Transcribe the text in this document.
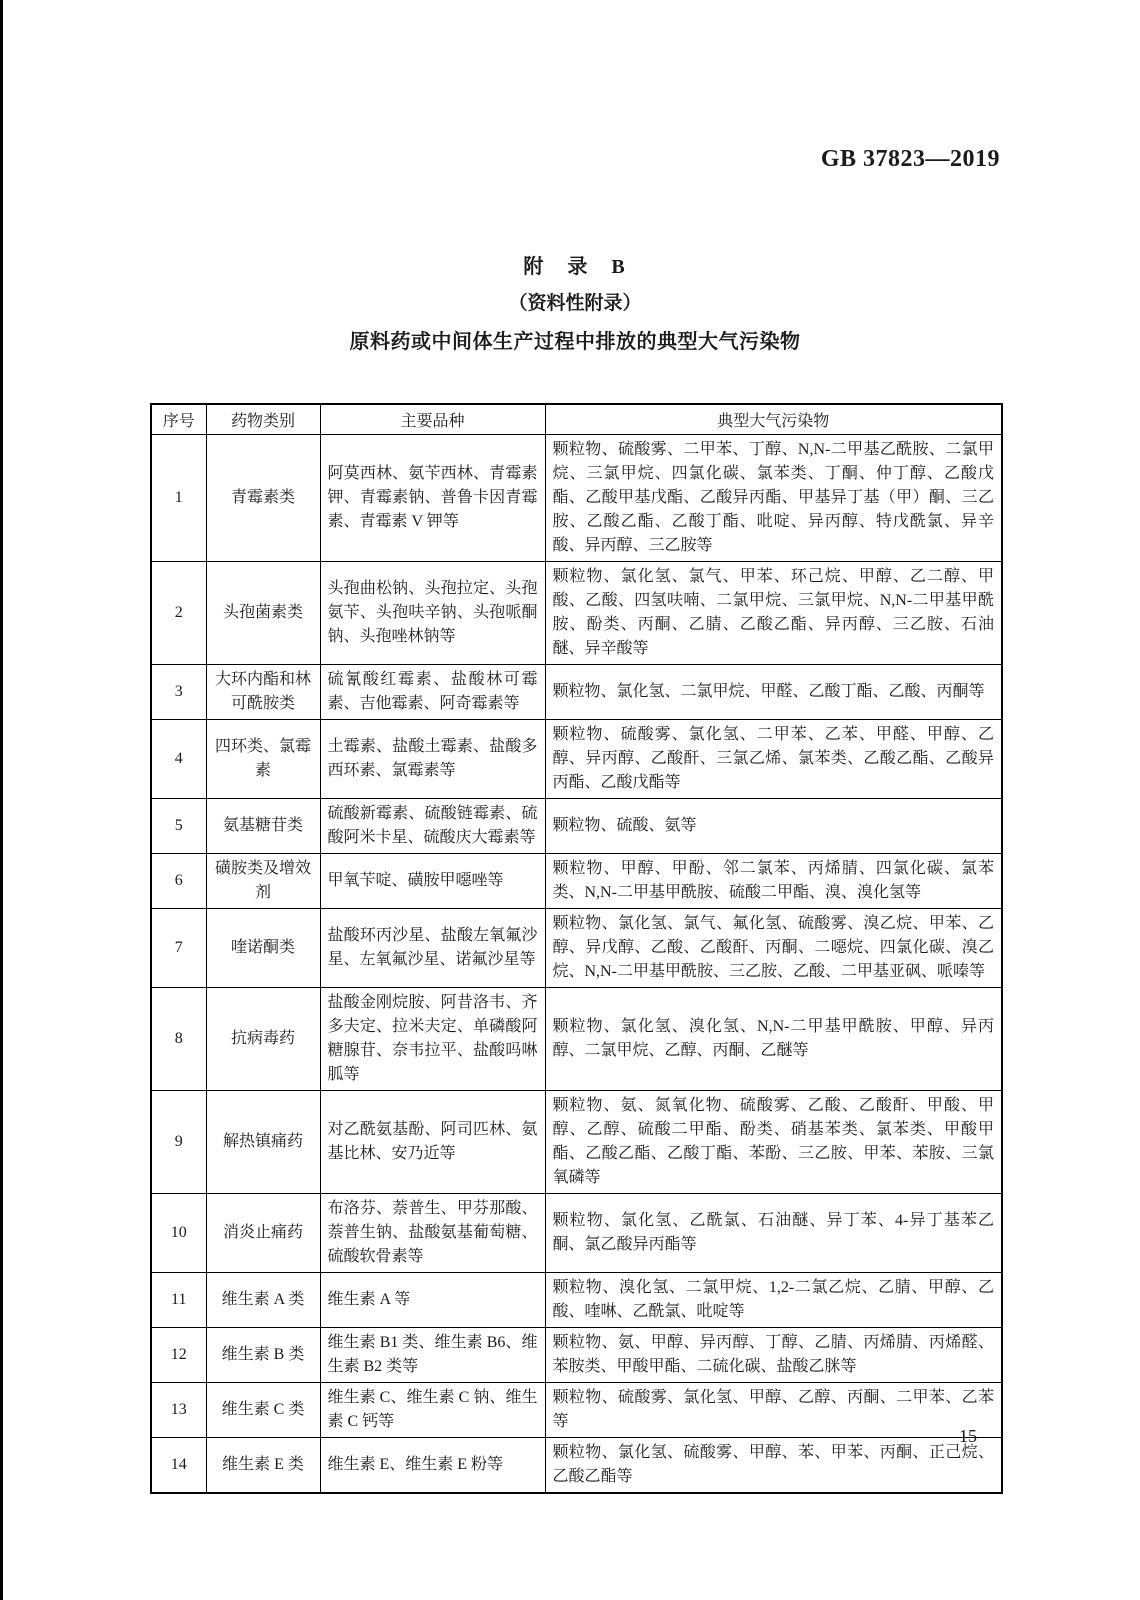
GB 37823—2019
附　录　B
（资料性附录）
原料药或中间体生产过程中排放的典型大气污染物
序号	药物类别	主要品种	典型大气污染物
1	青霉素类	阿莫西林、氨苄西林、青霉素钾、青霉素钠、普鲁卡因青霉素、青霉素 V 钾等	颗粒物、硫酸雾、二甲苯、丁醇、N,N-二甲基乙酰胺、二氯甲烷、三氯甲烷、四氯化碳、氯苯类、丁酮、仲丁醇、乙酸戊酯、乙酸甲基戊酯、乙酸异丙酯、甲基异丁基（甲）酮、三乙胺、乙酸乙酯、乙酸丁酯、吡啶、异丙醇、特戊酰氯、异辛酸、异丙醇、三乙胺等
2	头孢菌素类	头孢曲松钠、头孢拉定、头孢氨苄、头孢呋辛钠、头孢哌酮钠、头孢唑林钠等	颗粒物、氯化氢、氯气、甲苯、环己烷、甲醇、乙二醇、甲酸、乙酸、四氢呋喃、二氯甲烷、三氯甲烷、N,N-二甲基甲酰胺、酚类、丙酮、乙腈、乙酸乙酯、异丙醇、三乙胺、石油醚、异辛酸等
3	大环内酯和林可酰胺类	硫氰酸红霉素、盐酸林可霉素、吉他霉素、阿奇霉素等	颗粒物、氯化氢、二氯甲烷、甲醛、乙酸丁酯、乙酸、丙酮等
4	四环类、氯霉素	土霉素、盐酸土霉素、盐酸多西环素、氯霉素等	颗粒物、硫酸雾、氯化氢、二甲苯、乙苯、甲醛、甲醇、乙醇、异丙醇、乙酸酐、三氯乙烯、氯苯类、乙酸乙酯、乙酸异丙酯、乙酸戊酯等
5	氨基糖苷类	硫酸新霉素、硫酸链霉素、硫酸阿米卡星、硫酸庆大霉素等	颗粒物、硫酸、氨等
6	磺胺类及增效剂	甲氧苄啶、磺胺甲噁唑等	颗粒物、甲醇、甲酚、邻二氯苯、丙烯腈、四氯化碳、氯苯类、N,N-二甲基甲酰胺、硫酸二甲酯、溴、溴化氢等
7	喹诺酮类	盐酸环丙沙星、盐酸左氧氟沙星、左氧氟沙星、诺氟沙星等	颗粒物、氯化氢、氯气、氟化氢、硫酸雾、溴乙烷、甲苯、乙醇、异戊醇、乙酸、乙酸酐、丙酮、二噁烷、四氯化碳、溴乙烷、N,N-二甲基甲酰胺、三乙胺、乙酸、二甲基亚砜、哌嗪等
8	抗病毒药	盐酸金刚烷胺、阿昔洛韦、齐多夫定、拉米夫定、单磷酸阿糖腺苷、奈韦拉平、盐酸吗啉胍等	颗粒物、氯化氢、溴化氢、N,N-二甲基甲酰胺、甲醇、异丙醇、二氯甲烷、乙醇、丙酮、乙醚等
9	解热镇痛药	对乙酰氨基酚、阿司匹林、氨基比林、安乃近等	颗粒物、氨、氮氧化物、硫酸雾、乙酸、乙酸酐、甲酸、甲醇、乙醇、硫酸二甲酯、酚类、硝基苯类、氯苯类、甲酸甲酯、乙酸乙酯、乙酸丁酯、苯酚、三乙胺、甲苯、苯胺、三氯氧磷等
10	消炎止痛药	布洛芬、萘普生、甲芬那酸、萘普生钠、盐酸氨基葡萄糖、硫酸软骨素等	颗粒物、氯化氢、乙酰氯、石油醚、异丁苯、4-异丁基苯乙酮、氯乙酸异丙酯等
11	维生素 A 类	维生素 A 等	颗粒物、溴化氢、二氯甲烷、1,2-二氯乙烷、乙腈、甲醇、乙酸、喹啉、乙酰氯、吡啶等
12	维生素 B 类	维生素 B1 类、维生素 B6、维生素 B2 类等	颗粒物、氨、甲醇、异丙醇、丁醇、乙腈、丙烯腈、丙烯醛、苯胺类、甲酸甲酯、二硫化碳、盐酸乙脒等
13	维生素 C 类	维生素 C、维生素 C 钠、维生素 C 钙等	颗粒物、硫酸雾、氯化氢、甲醇、乙醇、丙酮、二甲苯、乙苯等
14	维生素 E 类	维生素 E、维生素 E 粉等	颗粒物、氯化氢、硫酸雾、甲醇、苯、甲苯、丙酮、正己烷、乙酸乙酯等
15
